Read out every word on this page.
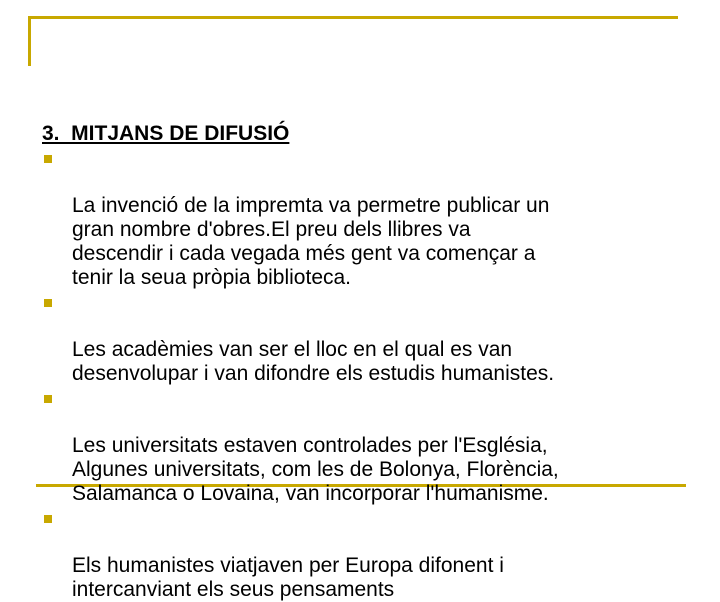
3.  MITJANS DE DIFUSIÓ

La invenció de la impremta va permetre publicar un
gran nombre d'obres.El preu dels llibres va
descendir i cada vegada més gent va començar a
tenir la seua pròpia biblioteca.

Les acadèmies van ser el lloc en el qual es van
desenvolupar i van difondre els estudis humanistes.

Les universitats estaven controlades per l'Església,
Algunes universitats, com les de Bolonya, Florència,
Salamanca o Lovaina, van incorporar l'humanisme.

Els humanistes viatjaven per Europa difonent i
intercanviant els seus pensaments
